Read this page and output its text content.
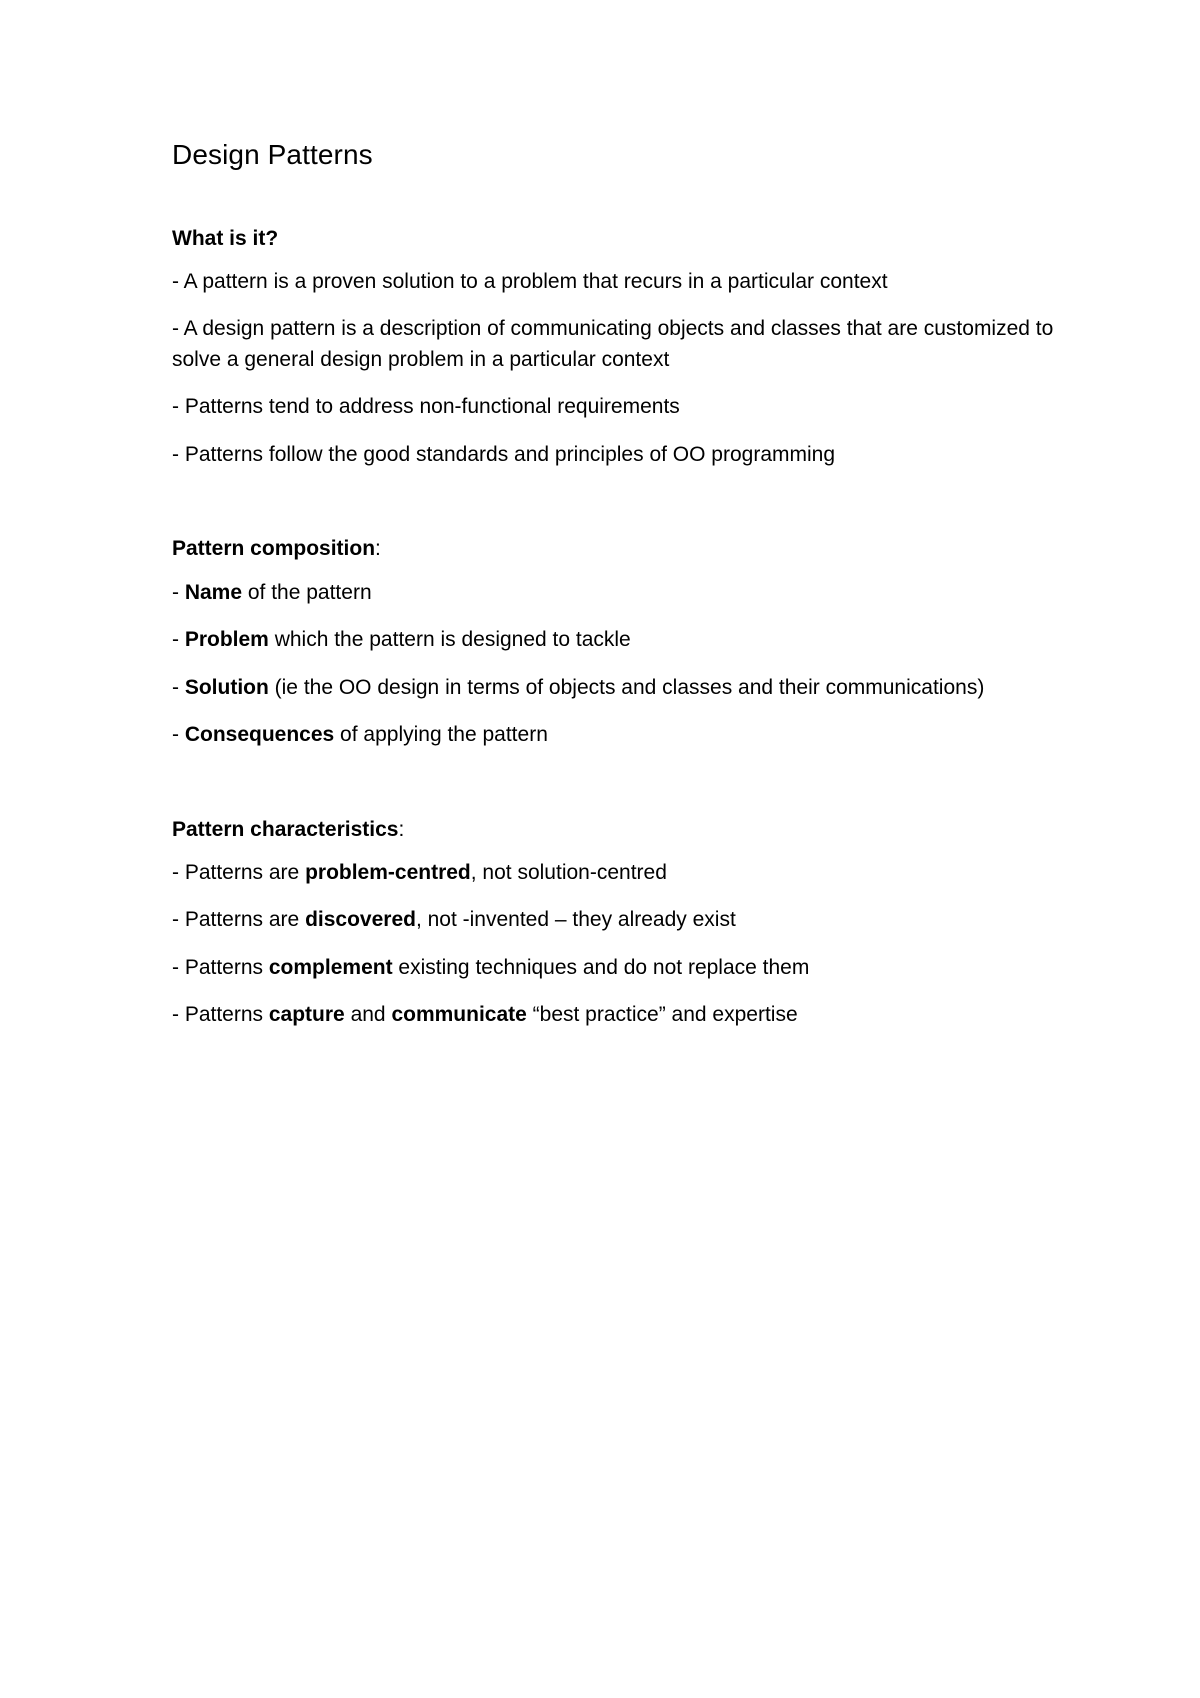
Design Patterns

What is it?

- A pattern is a proven solution to a problem that recurs in a particular context

- A design pattern is a description of communicating objects and classes that are customized to solve a general design problem in a particular context

- Patterns tend to address non-functional requirements

- Patterns follow the good standards and principles of OO programming

Pattern composition:

- Name of the pattern

- Problem which the pattern is designed to tackle

- Solution (ie the OO design in terms of objects and classes and their communications)

- Consequences of applying the pattern

Pattern characteristics:

- Patterns are problem-centred, not solution-centred

- Patterns are discovered, not -invented – they already exist

- Patterns complement existing techniques and do not replace them

- Patterns capture and communicate “best practice” and expertise
